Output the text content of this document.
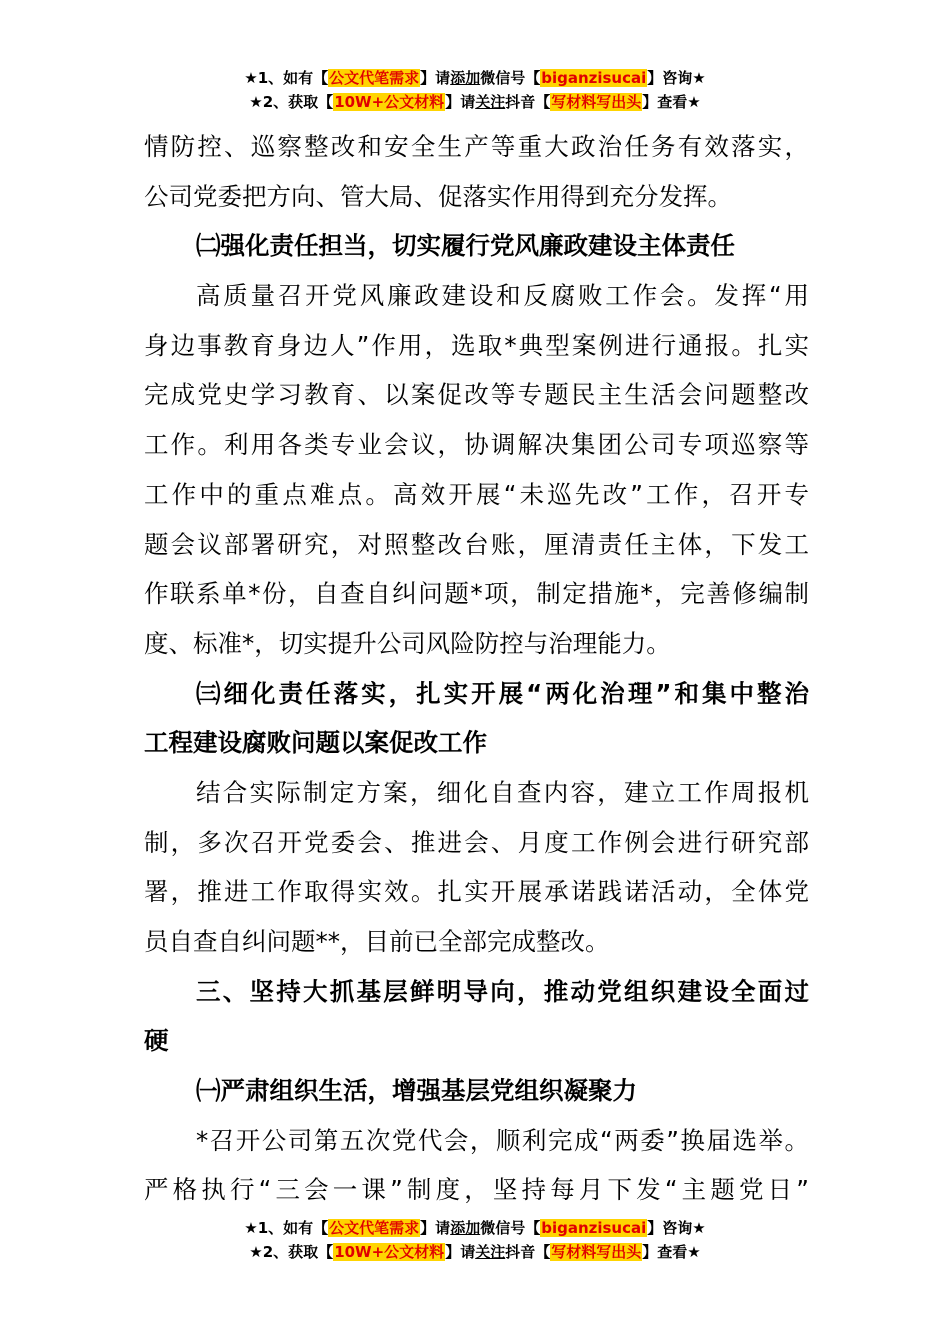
★1、如有【公文代笔需求】请添加微信号【biganzisucai】咨询★
★2、获取【10W+公文材料】请关注抖音【写材料写出头】查看★
情防控、巡察整改和安全生产等重大政治任务有效落实，
公司党委把方向、管大局、促落实作用得到充分发挥。
㈡强化责任担当，切实履行党风廉政建设主体责任
高质量召开党风廉政建设和反腐败工作会。发挥“用
身边事教育身边人”作用，选取*典型案例进行通报。扎实
完成党史学习教育、以案促改等专题民主生活会问题整改
工作。利用各类专业会议，协调解决集团公司专项巡察等
工作中的重点难点。高效开展“未巡先改”工作，召开专
题会议部署研究，对照整改台账，厘清责任主体，下发工
作联系单*份，自查自纠问题*项，制定措施*，完善修编制
度、标准*，切实提升公司风险防控与治理能力。
㈢细化责任落实，扎实开展“两化治理”和集中整治
工程建设腐败问题以案促改工作
结合实际制定方案，细化自查内容，建立工作周报机
制，多次召开党委会、推进会、月度工作例会进行研究部
署，推进工作取得实效。扎实开展承诺践诺活动，全体党
员自查自纠问题**，目前已全部完成整改。
三、坚持大抓基层鲜明导向，推动党组织建设全面过
硬
㈠严肃组织生活，增强基层党组织凝聚力
*召开公司第五次党代会，顺利完成“两委”换届选举。
严格执行“三会一课”制度，坚持每月下发“主题党日”
★1、如有【公文代笔需求】请添加微信号【biganzisucai】咨询★
★2、获取【10W+公文材料】请关注抖音【写材料写出头】查看★
